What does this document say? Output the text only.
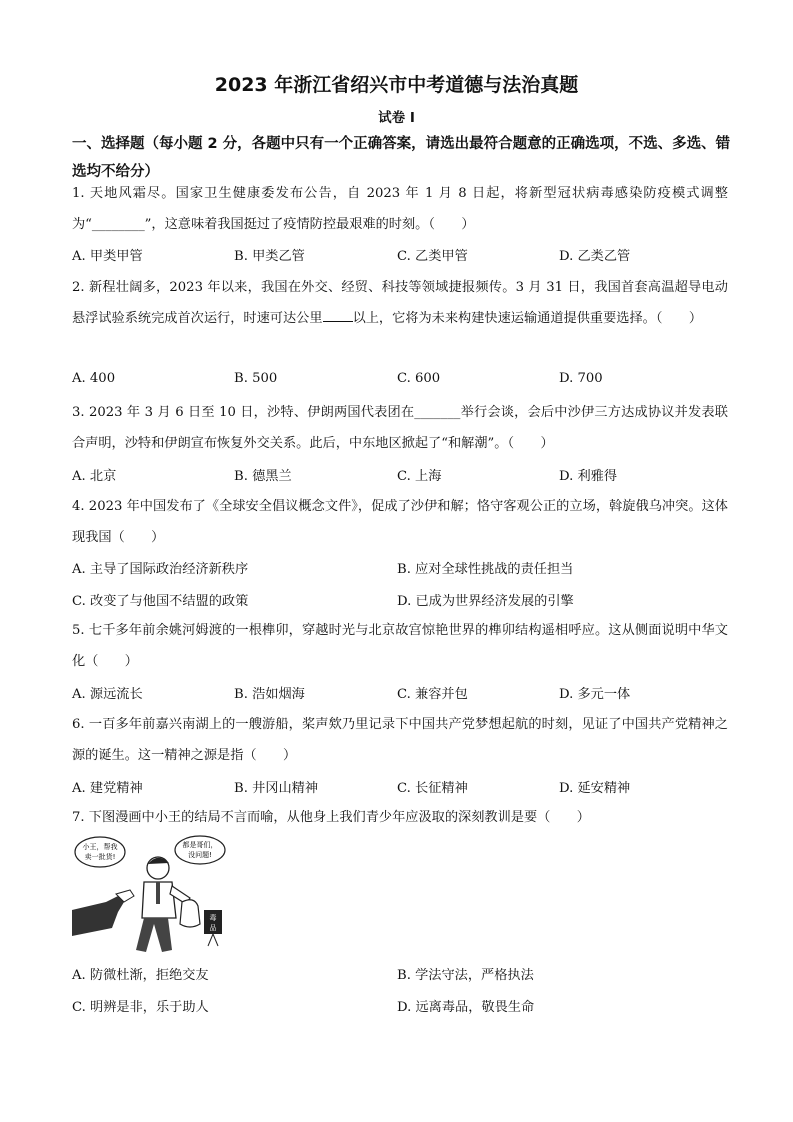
2023 年浙江省绍兴市中考道德与法治真题
试卷 I
一、选择题（每小题 2 分，各题中只有一个正确答案，请选出最符合题意的正确选项，不选、多选、错选均不给分）
1. 天地风霜尽。国家卫生健康委发布公告，自 2023 年 1 月 8 日起，将新型冠状病毒感染防疫模式调整为“________”，这意味着我国挺过了疫情防控最艰难的时刻。（　　）
A. 甲类甲管	B. 甲类乙管	C. 乙类甲管	D. 乙类乙管
2. 新程壮阔多，2023 年以来，我国在外交、经贸、科技等领域捷报频传。3 月 31 日，我国首套高温超导电动悬浮试验系统完成首次运行，时速可达公里 以上，它将为未来构建快速运输通道提供重要选择。（　　）
A. 400	B. 500	C. 600	D. 700
3. 2023 年 3 月 6 日至 10 日，沙特、伊朗两国代表团在_______举行会谈，会后中沙伊三方达成协议并发表联合声明，沙特和伊朗宣布恢复外交关系。此后，中东地区掀起了“和解潮”。（　　）
A. 北京	B. 德黑兰	C. 上海	D. 利雅得
4. 2023 年中国发布了《全球安全倡议概念文件》，促成了沙伊和解；恪守客观公正的立场，斡旋俄乌冲突。这体现我国（　　）
A. 主导了国际政治经济新秩序	B. 应对全球性挑战的责任担当
C. 改变了与他国不结盟的政策	D. 已成为世界经济发展的引擎
5. 七千多年前余姚河姆渡的一根榫卯，穿越时光与北京故宫惊艳世界的榫卯结构遥相呼应。这从侧面说明中华文化（　　）
A. 源远流长	B. 浩如烟海	C. 兼容并包	D. 多元一体
6. 一百多年前嘉兴南湖上的一艘游船，桨声欸乃里记录下中国共产党梦想起航的时刻，见证了中国共产党精神之源的诞生。这一精神之源是指（　　）
A. 建党精神	B. 井冈山精神	C. 长征精神	D. 延安精神
7. 下图漫画中小王的结局不言而喻，从他身上我们青少年应汲取的深刻教训是要（　　）
小王，帮我
卖一批货!
都是哥们，
没问题!
毒
品
A. 防微杜渐，拒绝交友	B. 学法守法，严格执法
C. 明辨是非，乐于助人	D. 远离毒品，敬畏生命
